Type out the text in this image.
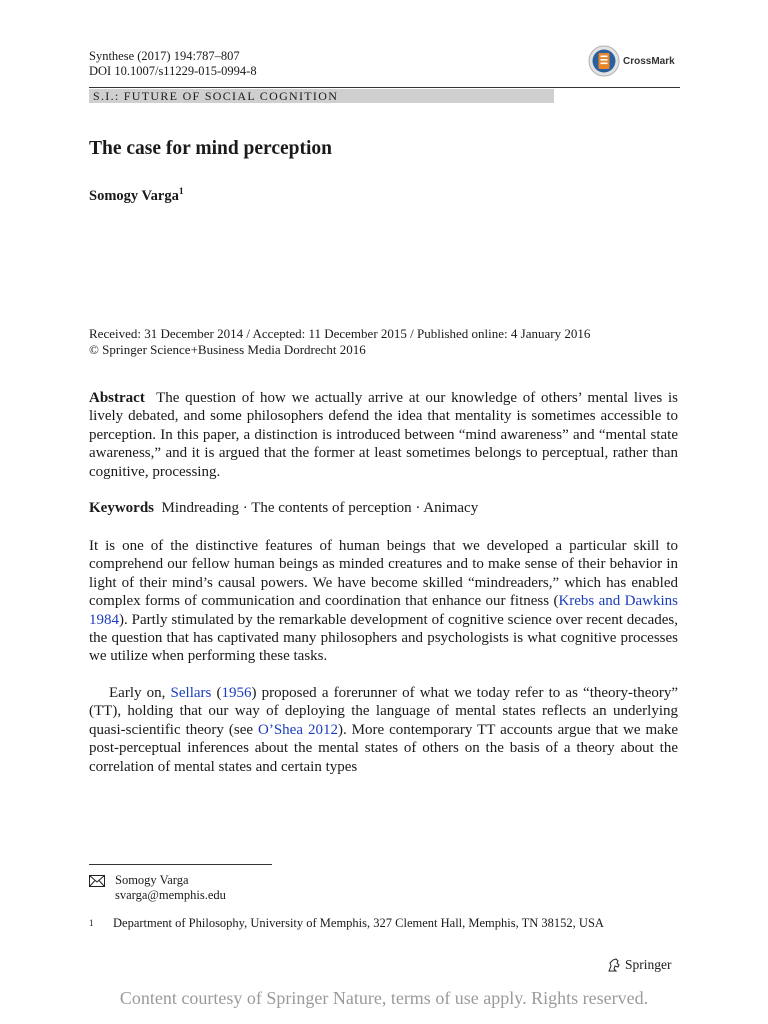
Synthese (2017) 194:787–807
DOI 10.1007/s11229-015-0994-8
CrossMark
S.I.: FUTURE OF SOCIAL COGNITION
The case for mind perception
Somogy Varga$^1$
Received: 31 December 2014 / Accepted: 11 December 2015 / Published online: 4 January 2016
© Springer Science+Business Media Dordrecht 2016
Abstract The question of how we actually arrive at our knowledge of others’ mental lives is lively debated, and some philosophers defend the idea that mentality is sometimes accessible to perception. In this paper, a distinction is introduced between “mind awareness” and “mental state awareness,” and it is argued that the former at least sometimes belongs to perceptual, rather than cognitive, processing.
Keywords Mindreading · The contents of perception · Animacy
It is one of the distinctive features of human beings that we developed a particular skill to comprehend our fellow human beings as minded creatures and to make sense of their behavior in light of their mind’s causal powers. We have become skilled “mindreaders,” which has enabled complex forms of communication and coordination that enhance our fitness (Krebs and Dawkins 1984). Partly stimulated by the remarkable development of cognitive science over recent decades, the question that has captivated many philosophers and psychologists is what cognitive processes we utilize when performing these tasks.
Early on, Sellars (1956) proposed a forerunner of what we today refer to as “theory-theory” (TT), holding that our way of deploying the language of mental states reflects an underlying quasi-scientific theory (see O’Shea 2012). More contemporary TT accounts argue that we make post-perceptual inferences about the mental states of others on the basis of a theory about the correlation of mental states and certain types
Somogy Varga
svarga@memphis.edu
1 Department of Philosophy, University of Memphis, 327 Clement Hall, Memphis, TN 38152, USA
Springer
Content courtesy of Springer Nature, terms of use apply. Rights reserved.
